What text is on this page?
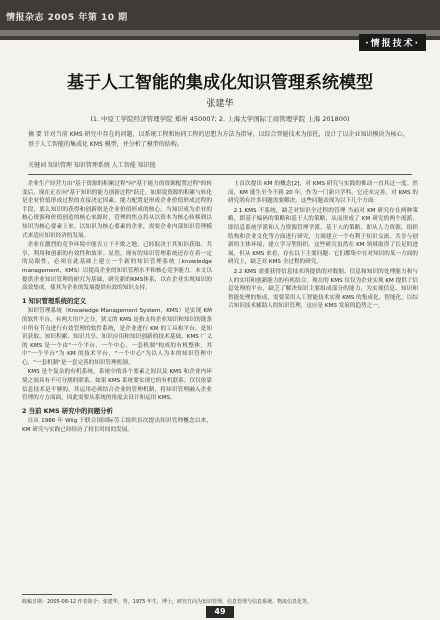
情报杂志 2005 年第 10 期
·情报技术·
基于人工智能的集成化知识管理系统模型
张建华
(1. 中原工学院经济管理学院 郑州 450007; 2. 上海大学国际工商管理学院 上海 201800)
摘 要 针对当前 KMS 研究中存在的问题，以系统工程和协同工程的思想为方法为指导，以综合智能技术为依托，设计了以企业知识模块为核心，基于人工智能的集成化 KMS 模型，并分析了模型的结构。
关键词 知识管理 知识管理系统 人工智能 知识链

企业生产经营力由"基于资源的积累过程"向"基于能力的资源配置过程"的转变后，现在正在向"基于知识的能力创新过程"跃迁。如果说资源的积累与转化是企业价值形成过程的直接决定因素，能力配置是形成企业价值形成过程的手段，那么知识的获得和创新则是企业价值形成的核心。当知识成为企业的核心资源和价值创造的核心来源时，管理的焦点将从以资本为核心转移到以知识为核心要素上来。以知识为核心要素的企业，需要企业内部知识管理模式来适应知识经济的发展。

企业在激烈的竞争环境中能否立于不败之地，已经取决于其知识获取、共享、利用和创新的有效性和效率。显然，现有的知识管理系统还存在着一定的局限性，必须在此基础上建立一个新的知识管理系统（knowledge management，KMS）以提高企业的知识管理水平和核心竞争能力。本文以提供企业知识管理的研究为基础，研究新的KMS体系，以在企业实现知识的高效集成，使其为企业的发展提供有效的知识支持。

1 知识管理系统的定义

知识管理系统（Knowledge Management System，KMS）是实现 KM 的软件平台，有两大用户之分。狭义的 KMS 是指支持企业知识和知识的链条中所有节点进行有效管理的软件系统，是企业进行 KM 的工具和平台，是知识获取、知识积累、知识共享、知识应用和知识创新的技术基础。KMS 广义的 KMS 是一个由"一个平台、一个中心、一套机制"构成的有机整体，其中"一个平台"为 KM 的技术平台，"一个中心"为以人为本的知识管理中心，"一套机制"是一套完善的知识管理机制。

KMS 是个复杂的有机系统，系统中的各个要素之间以及 KMS 和企业内环境之间具有不可分割的联系。如果 KMS 系统要实现它的有机联系，仅仅依靠信息技术是不够的，其运用必须结合企业的管理机制，将知识管理融入企业管理的方方面面，因此需要从系统的角度去设计和运用 KMS。

2 当前 KMS 研究中的问题分析

自从 1986 年 Wiig 于联合国国际劳工组织首次提出知识管理概念以来，KM 研究与实践已经经历了较长时间的发展。

上首次提出 KM 的概念[2]，对 KMS 研究与实践的推动一直其过一度。然而，KM 诞生至今不到 20 年，作为一门新兴学科，它还未完善，对 KMS 的研究尚有许多问题需要解决。这些问题表现为以下几个方面：

2.1 KMS 不系统，缺乏对知识全过程的管理 当前对 KM 研究存在两种策略，即基于编码的策略和基于人的策略，从而形成了 KM 研究的两个流派，即信息系统学派和人力资源管理学派。基于人的策略，即从人力资源、组织结构和企业文化等方面进行研究，力图建立一个有利于知识交流、共享与创新的主体环境，建立学习型组织。这些研究虽然在 KM 领域取得了长足的进展，但从 KMS 来看，存在以下主要问题：它们都集中在对知识的某一方面的研究上，缺乏对 KMS 全过程的研究。

2.2 KMS 需要获得信息技术所提供的对数据、信息和知识的处理能力和与人的实用和创新能力的有机结合。现在的 KMS 仅仅为企业实现 KM 提供了信息处理的平台，缺乏了解决知识主要组成部分的能力，为实现信息、知识和智能处理的集成，需要采用人工智能技术实现 KMS 的集成化、智能化，以综合知识技术辅助人的知识管理，这应是 KMS 发展的趋势之一。

收稿日期：2005-08-12 作者简介：张建华，男，1975 年生，博士，研究方向为知识管理、信息管理与信息系统、物流信息化等。
49
